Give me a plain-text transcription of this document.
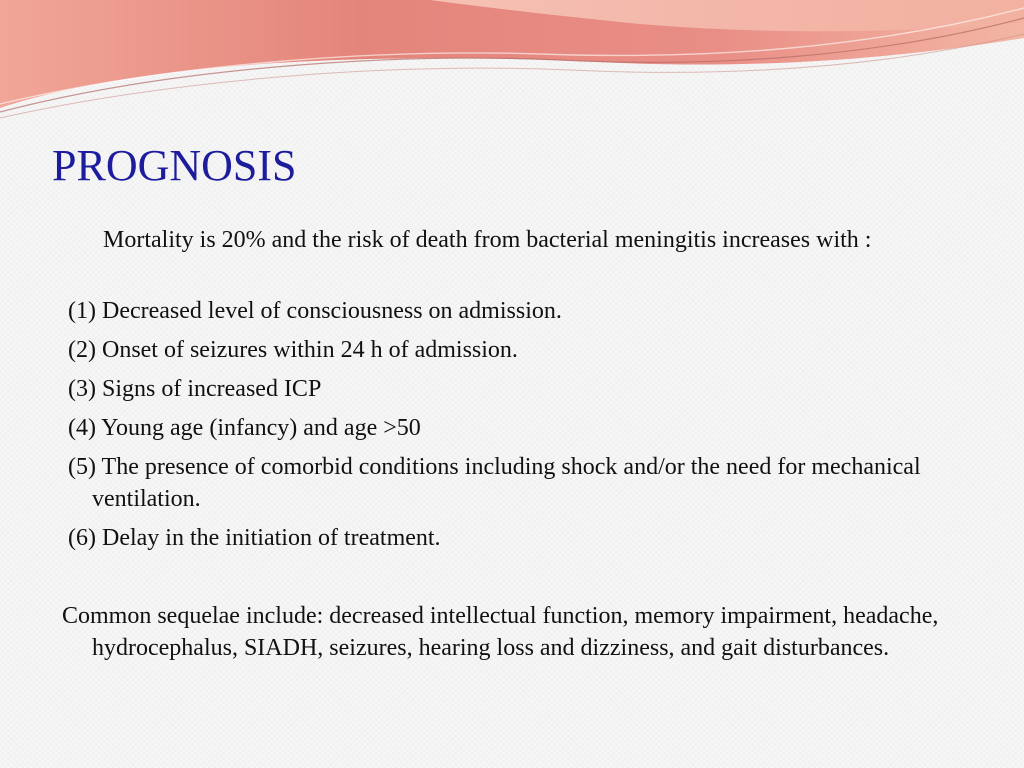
PROGNOSIS

Mortality is 20% and the risk of death from bacterial meningitis increases with :

(1) Decreased level of consciousness on admission.

(2) Onset of seizures within 24 h of admission.

(3) Signs of increased ICP

(4) Young age (infancy) and age >50

(5) The presence of comorbid conditions including shock and/or the need for mechanical ventilation.

(6) Delay in the initiation of treatment.

Common sequelae include: decreased intellectual function, memory impairment, headache, hydrocephalus, SIADH, seizures, hearing loss and dizziness, and gait disturbances.
